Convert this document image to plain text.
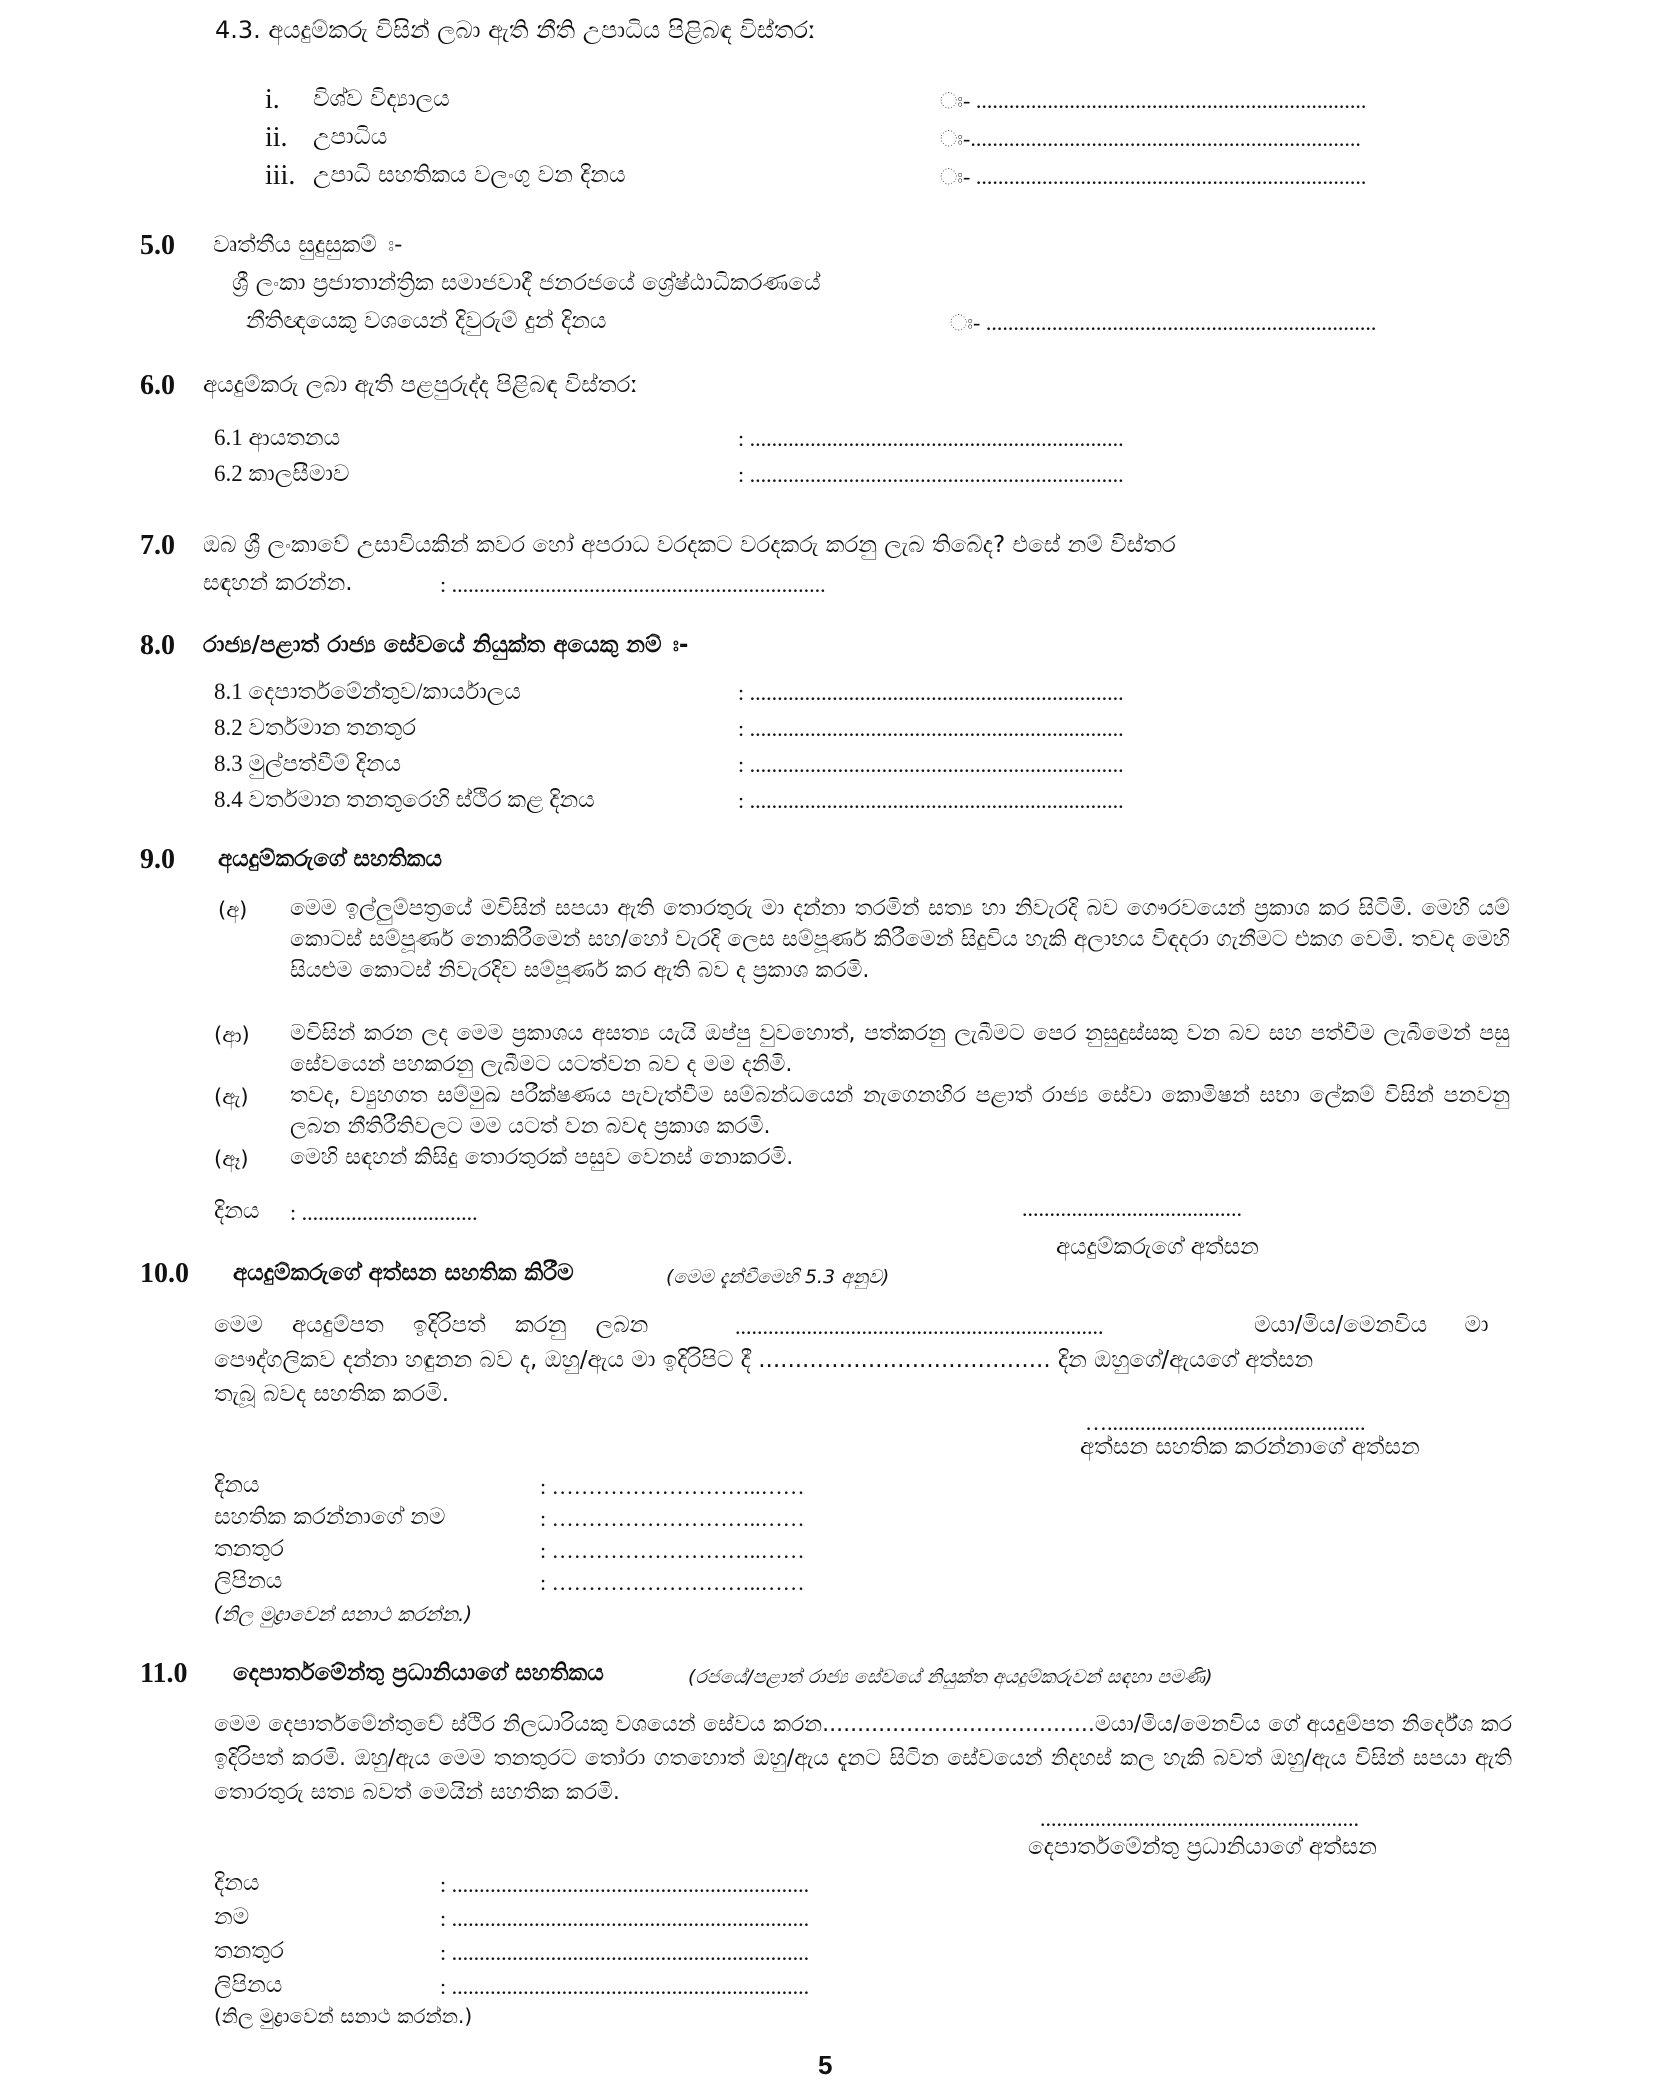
4.3. අයදුම්කරු විසින් ලබා ඇති නීති උපාධිය පිළිබඳ විස්තරː
i. විශ්ව විද්‍යාලය	ඃ- .......................................................................
ii. උපාධිය	ඃ-.......................................................................
iii. උපාධි සහතිකය වලංගු වන දිනය	ඃ- .......................................................................
5.0 වෘත්තීය සුදුසුකම් ඃ-
ශ්‍රී ලංකා ප්‍රජාතාන්ත්‍රික සමාජවාදී ජනරජයේ ශ්‍රේෂ්ඨාධිකරණයේ
නීතිඥයෙකු වශයෙන් දිවුරුම් දුන් දිනය	ඃ- .......................................................................
6.0 අයදුම්කරු ලබා ඇති පළපුරුද්ද පිළිබඳ විස්තරː
6.1 ආයතනය	: ....................................................................
6.2 කාලසීමාව	: ....................................................................
7.0 ඔබ ශ්‍රී ලංකාවේ උසාවියකින් කවර හෝ අපරාධ වරදකට වරදකරු කරනු ලැබ තිබේද? එසේ නම් විස්තර
සඳහන් කරන්න.	: ....................................................................
8.0 රාජ්‍ය/පළාත් රාජ්‍ය සේවයේ නියුක්ත අයෙකු නම් ඃ-
8.1 දෙපාර්තමේන්තුව/කාර්යාලය	: ....................................................................
8.2 වර්තමාන තනතුර	: ....................................................................
8.3 මුල්පත්වීම් දිනය	: ....................................................................
8.4 වර්තමාන තනතුරෙහි ස්ථිර කළ දිනය	: ....................................................................
9.0 අයදුම්කරුගේ සහතිකය
(අ) මෙම ඉල්ලුම්පත්‍රයේ මවිසින් සපයා ඇති තොරතුරු මා දන්නා තරමින් සත්‍ය හා නිවැරදි බව ගෞරවයෙන් ප්‍රකාශ කර සිටිමි. මෙහි යම් කොටස් සම්පූර්ණ නොකිරීමෙන් සහ/හෝ වැරදි ලෙස සම්පූර්ණ කිරීමෙන් සිදුවිය හැකි අලාභය විඳදරා ගැනීමට එකග වෙමි. තවද මෙහි සියළුම කොටස් නිවැරදිව සම්පූර්ණ කර ඇති බව ද ප්‍රකාශ කරමි.
(ආ) මවිසින් කරන ලද මෙම ප්‍රකාශය අසත්‍ය යැයි ඔප්පු වුවහොත්, පත්කරනු ලැබීමට පෙර නුසුදුස්සකු වන බව සහ පත්වීම ලැබීමෙන් පසු සේවයෙන් පහකරනු ලැබීමට යටත්වන බව ද මම දනිමි.
(ඇ) තවද, ව්‍යුහගත සම්මුඛ පරීක්ෂණය පැවැත්වීම සම්බන්ධයෙන් නැගෙනහිර පළාත් රාජ්‍ය සේවා කොමිෂන් සභා ලේකම් විසින් පනවනු ලබන නීතිරීතිවලට මම යටත් වන බවද ප්‍රකාශ කරමි.
(ඈ) මෙහි සඳහන් කිසිදු තොරතුරක් පසුව වෙනස් නොකරමි.
දිනය : ................................	........................................
අයදුම්කරුගේ අත්සන
10.0 අයදුම්කරුගේ අත්සන සහතික කිරීම	(මෙම දැන්වීමෙහි 5.3 අනුව)
මෙම අයදුම්පත ඉදිරිපත් කරනු ලබන	...................................................................	මයා/මිය/මෙනවිය මා
පෞද්ගලිකව දන්නා හඳුනන බව ද, ඔහු/ඇය මා ඉදිරිපිට දී ........................................ දින ඔහුගේ/ඇයගේ අත්සන
තැබූ බවද සහතික කරමි.
…...............................................
අත්සන සහතික කරන්නාගේ අත්සන
දිනය	: ………………………..……
සහතික කරන්නාගේ නම	: ………………………..……
තනතුර	: ………………………..……
ලිපිනය	: ………………………..……
(නිල මුද්‍රාවෙන් සනාථ කරන්න.)
11.0 දෙපාර්තමේන්තු ප්‍රධානියාගේ සහතිකය	(රජයේ/පළාත් රාජ්‍ය සේවයේ නියුක්ත අයදුම්කරුවන් සඳහා පමණි)
මෙම දෙපාර්තමේන්තුවේ ස්ථිර නිලධාරියකු වශයෙන් සේවය කරන.......................................මයා/මිය/මෙනවිය ගේ අයදුම්පත නිර්දේශ කර ඉදිරිපත් කරමි. ඔහු/ඇය මෙම තනතුරට තෝරා ගතහොත් ඔහු/ඇය දැනට සිටින සේවයෙන් නිදහස් කල හැකි බවත් ඔහු/ඇය විසින් සපයා ඇති තොරතුරු සත්‍ය බවත් මෙයින් සහතික කරමි.
..........................................................
දෙපාර්තමේන්තු ප්‍රධානියාගේ අත්සන
දිනය	: .................................................................
නම	: .................................................................
තනතුර	: .................................................................
ලිපිනය	: .................................................................
(නිල මුද්‍රාවෙන් සනාථ කරන්න.)
5
